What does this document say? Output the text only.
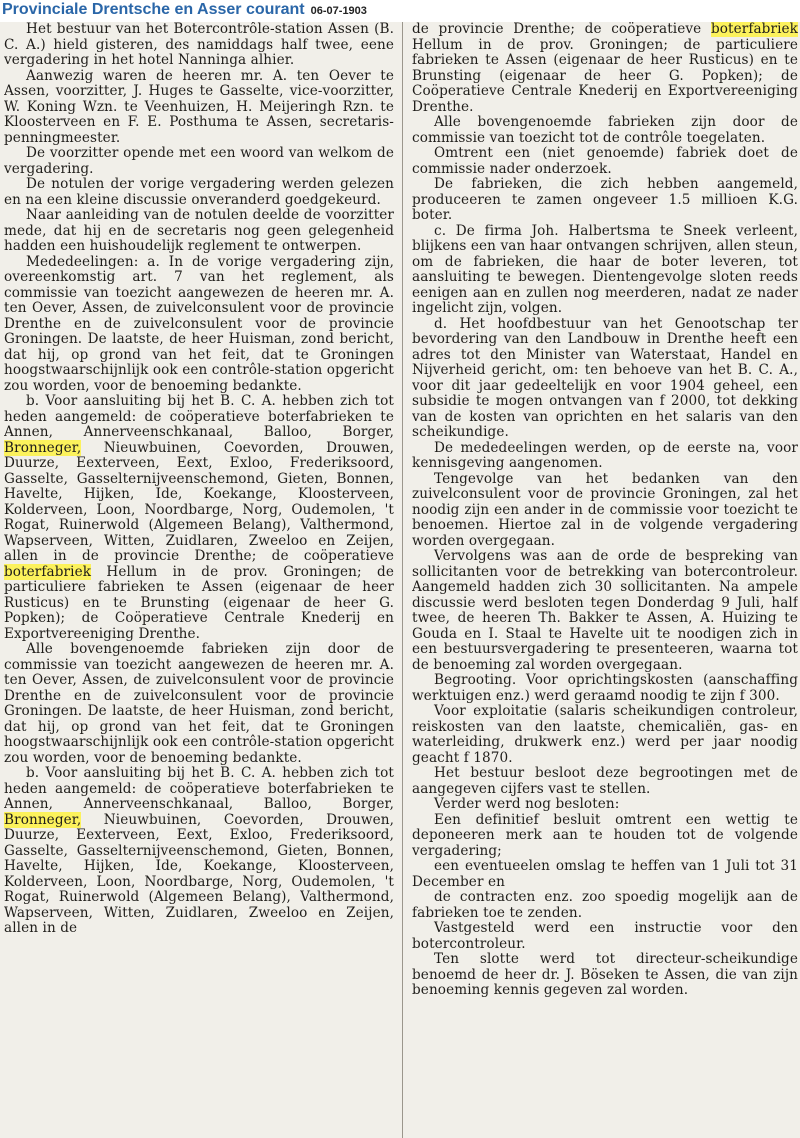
Provinciale Drentsche en Asser courant 06-07-1903

Het bestuur van het Botercontrôle-station Assen (B. C. A.) hield gisteren, des namiddags half twee, eene vergadering in het hotel Nanninga alhier.

Aanwezig waren de heeren mr. A. ten Oever te Assen, voorzitter, J. Huges te Gasselte, vice-voorzitter, W. Koning Wzn. te Veenhuizen, H. Meijeringh Rzn. te Kloosterveen en F. E. Posthuma te Assen, secretaris-penningmeester.

De voorzitter opende met een woord van welkom de vergadering.

De notulen der vorige vergadering werden gelezen en na een kleine discussie onveranderd goedgekeurd.

Naar aanleiding van de notulen deelde de voorzitter mede, dat hij en de secretaris nog geen gelegenheid hadden een huishoudelijk reglement te ontwerpen.

Mededeelingen: a. In de vorige vergadering zijn, overeenkomstig art. 7 van het reglement, als commissie van toezicht aangewezen de heeren mr. A. ten Oever, Assen, de zuivelconsulent voor de provincie Drenthe en de zuivelconsulent voor de provincie Groningen. De laatste, de heer Huisman, zond bericht, dat hij, op grond van het feit, dat te Groningen hoogstwaarschijnlijk ook een contrôle-station opgericht zou worden, voor de benoeming bedankte.

b. Voor aansluiting bij het B. C. A. hebben zich tot heden aangemeld: de coöperatieve boterfabrieken te Annen, Annerveenschkanaal, Balloo, Borger, Bronneger, Nieuwbuinen, Coevorden, Drouwen, Duurze, Eexterveen, Eext, Exloo, Frederiksoord, Gasselte, Gasselternijveenschemond, Gieten, Bonnen, Havelte, Hijken, Ide, Koekange, Kloosterveen, Kolderveen, Loon, Noordbarge, Norg, Oudemolen, 't Rogat, Ruinerwold (Algemeen Belang), Valthermond, Wapserveen, Witten, Zuidlaren, Zweeloo en Zeijen, allen in de provincie Drenthe; de coöperatieve boterfabriek Hellum in de prov. Groningen; de particuliere fabrieken te Assen (eigenaar de heer Rusticus) en te Brunsting (eigenaar de heer G. Popken); de Coöperatieve Centrale Knederij en Exportvereeniging Drenthe.

Alle bovengenoemde fabrieken zijn door de commissie van toezicht aangewezen de heeren mr. A. ten Oever, Assen, de zuivelconsulent voor de provincie Drenthe en de zuivelconsulent voor de provincie Groningen. De laatste, de heer Huisman, zond bericht, dat hij, op grond van het feit, dat te Groningen hoogstwaarschijnlijk ook een contrôle-station opgericht zou worden, voor de benoeming bedankte.

b. Voor aansluiting bij het B. C. A. hebben zich tot heden aangemeld: de coöperatieve boterfabrieken te Annen, Annerveenschkanaal, Balloo, Borger, Bronneger, Nieuwbuinen, Coevorden, Drouwen, Duurze, Eexterveen, Eext, Exloo, Frederiksoord, Gasselte, Gasselternijveenschemond, Gieten, Bonnen, Havelte, Hijken, Ide, Koekange, Kloosterveen, Kolderveen, Loon, Noordbarge, Norg, Oudemolen, 't Rogat, Ruinerwold (Algemeen Belang), Valthermond, Wapserveen, Witten, Zuidlaren, Zweeloo en Zeijen, allen in de

de provincie Drenthe; de coöperatieve boterfabriek Hellum in de prov. Groningen; de particuliere fabrieken te Assen (eigenaar de heer Rusticus) en te Brunsting (eigenaar de heer G. Popken); de Coöperatieve Centrale Knederij en Exportvereeniging Drenthe.

Alle bovengenoemde fabrieken zijn door de commissie van toezicht tot de contrôle toegelaten.

Omtrent een (niet genoemde) fabriek doet de commissie nader onderzoek.

De fabrieken, die zich hebben aangemeld, produceeren te zamen ongeveer 1.5 millioen K.G. boter.

c. De firma Joh. Halbertsma te Sneek verleent, blijkens een van haar ontvangen schrijven, allen steun, om de fabrieken, die haar de boter leveren, tot aansluiting te bewegen. Dientengevolge sloten reeds eenigen aan en zullen nog meerderen, nadat ze nader ingelicht zijn, volgen.

d. Het hoofdbestuur van het Genootschap ter bevordering van den Landbouw in Drenthe heeft een adres tot den Minister van Waterstaat, Handel en Nijverheid gericht, om: ten behoeve van het B. C. A., voor dit jaar gedeeltelijk en voor 1904 geheel, een subsidie te mogen ontvangen van f 2000, tot dekking van de kosten van oprichten en het salaris van den scheikundige.

De mededeelingen werden, op de eerste na, voor kennisgeving aangenomen.

Tengevolge van het bedanken van den zuivelconsulent voor de provincie Groningen, zal het noodig zijn een ander in de commissie voor toezicht te benoemen. Hiertoe zal in de volgende vergadering worden overgegaan.

Vervolgens was aan de orde de bespreking van sollicitanten voor de betrekking van botercontroleur. Aangemeld hadden zich 30 sollicitanten. Na ampele discussie werd besloten tegen Donderdag 9 Juli, half twee, de heeren Th. Bakker te Assen, A. Huizing te Gouda en I. Staal te Havelte uit te noodigen zich in een bestuursvergadering te presenteeren, waarna tot de benoeming zal worden overgegaan.

Begrooting. Voor oprichtingskosten (aanschaffing werktuigen enz.) werd geraamd noodig te zijn f 300.

Voor exploitatie (salaris scheikundigen controleur, reiskosten van den laatste, chemicaliën, gas- en waterleiding, drukwerk enz.) werd per jaar noodig geacht f 1870.

Het bestuur besloot deze begrootingen met de aangegeven cijfers vast te stellen.

Verder werd nog besloten:

Een definitief besluit omtrent een wettig te deponeeren merk aan te houden tot de volgende vergadering;

een eventueelen omslag te heffen van 1 Juli tot 31 December en

de contracten enz. zoo spoedig mogelijk aan de fabrieken toe te zenden.

Vastgesteld werd een instructie voor den botercontroleur.

Ten slotte werd tot directeur-scheikundige benoemd de heer dr. J. Böseken te Assen, die van zijn benoeming kennis gegeven zal worden.
